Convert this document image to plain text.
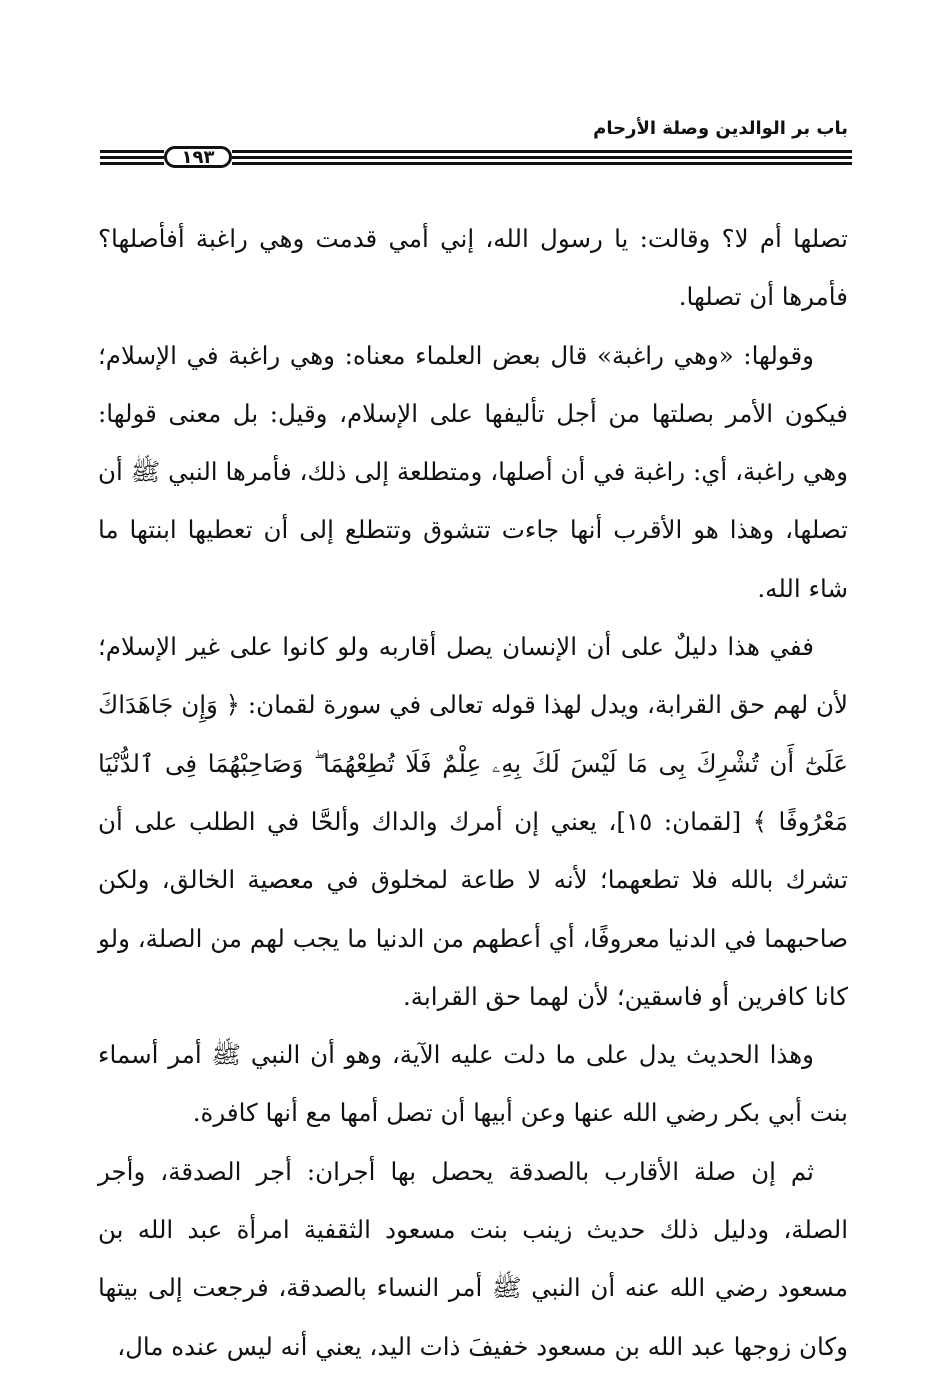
باب بر الوالدين وصلة الأرحام
١٩٣

تصلها أم لا؟ وقالت: يا رسول الله، إني أمي قدمت وهي راغبة أفأصلها؟ فأمرها أن تصلها.

وقولها: «وهي راغبة» قال بعض العلماء معناه: وهي راغبة في الإسلام؛ فيكون الأمر بصلتها من أجل تأليفها على الإسلام، وقيل: بل معنى قولها: وهي راغبة، أي: راغبة في أن أصلها، ومتطلعة إلى ذلك، فأمرها النبي ﷺ أن تصلها، وهذا هو الأقرب أنها جاءت تتشوق وتتطلع إلى أن تعطيها ابنتها ما شاء الله.

ففي هذا دليلٌ على أن الإنسان يصل أقاربه ولو كانوا على غير الإسلام؛ لأن لهم حق القرابة، ويدل لهذا قوله تعالى في سورة لقمان: ﴿ وَإِن جَاهَدَاكَ عَلَىٰٓ أَن تُشْرِكَ بِى مَا لَيْسَ لَكَ بِهِۦ عِلْمٌ فَلَا تُطِعْهُمَا ۖ وَصَاحِبْهُمَا فِى ٱلدُّنْيَا مَعْرُوفًا ﴾ [لقمان: ١٥]، يعني إن أمرك والداك وألحَّا في الطلب على أن تشرك بالله فلا تطعهما؛ لأنه لا طاعة لمخلوق في معصية الخالق، ولكن صاحبهما في الدنيا معروفًا، أي أعطهم من الدنيا ما يجب لهم من الصلة، ولو كانا كافرين أو فاسقين؛ لأن لهما حق القرابة.

وهذا الحديث يدل على ما دلت عليه الآية، وهو أن النبي ﷺ أمر أسماء بنت أبي بكر رضي الله عنها وعن أبيها أن تصل أمها مع أنها كافرة.

ثم إن صلة الأقارب بالصدقة يحصل بها أجران: أجر الصدقة، وأجر الصلة، ودليل ذلك حديث زينب بنت مسعود الثقفية امرأة عبد الله بن مسعود رضي الله عنه أن النبي ﷺ أمر النساء بالصدقة، فرجعت إلى بيتها وكان زوجها عبد الله بن مسعود خفيفَ ذات اليد، يعني أنه ليس عنده مال،
